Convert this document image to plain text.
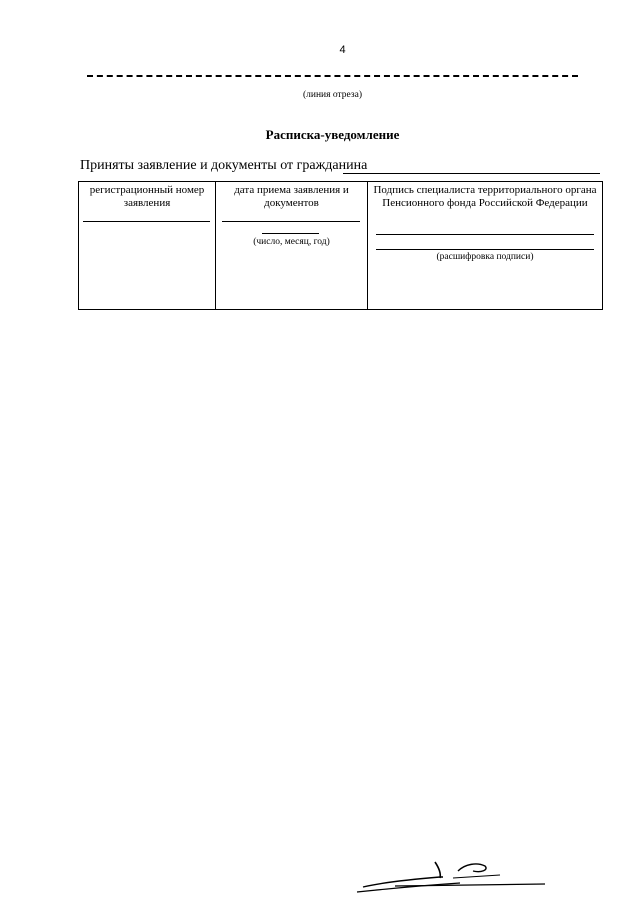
4
(линия отреза)
Расписка-уведомление
Приняты заявление и документы от гражданина
регистрационный номер заявления
дата приема заявления и документов
(число, месяц, год)
Подпись специалиста территориального органа Пенсионного фонда Российской Федерации
(расшифровка подписи)
